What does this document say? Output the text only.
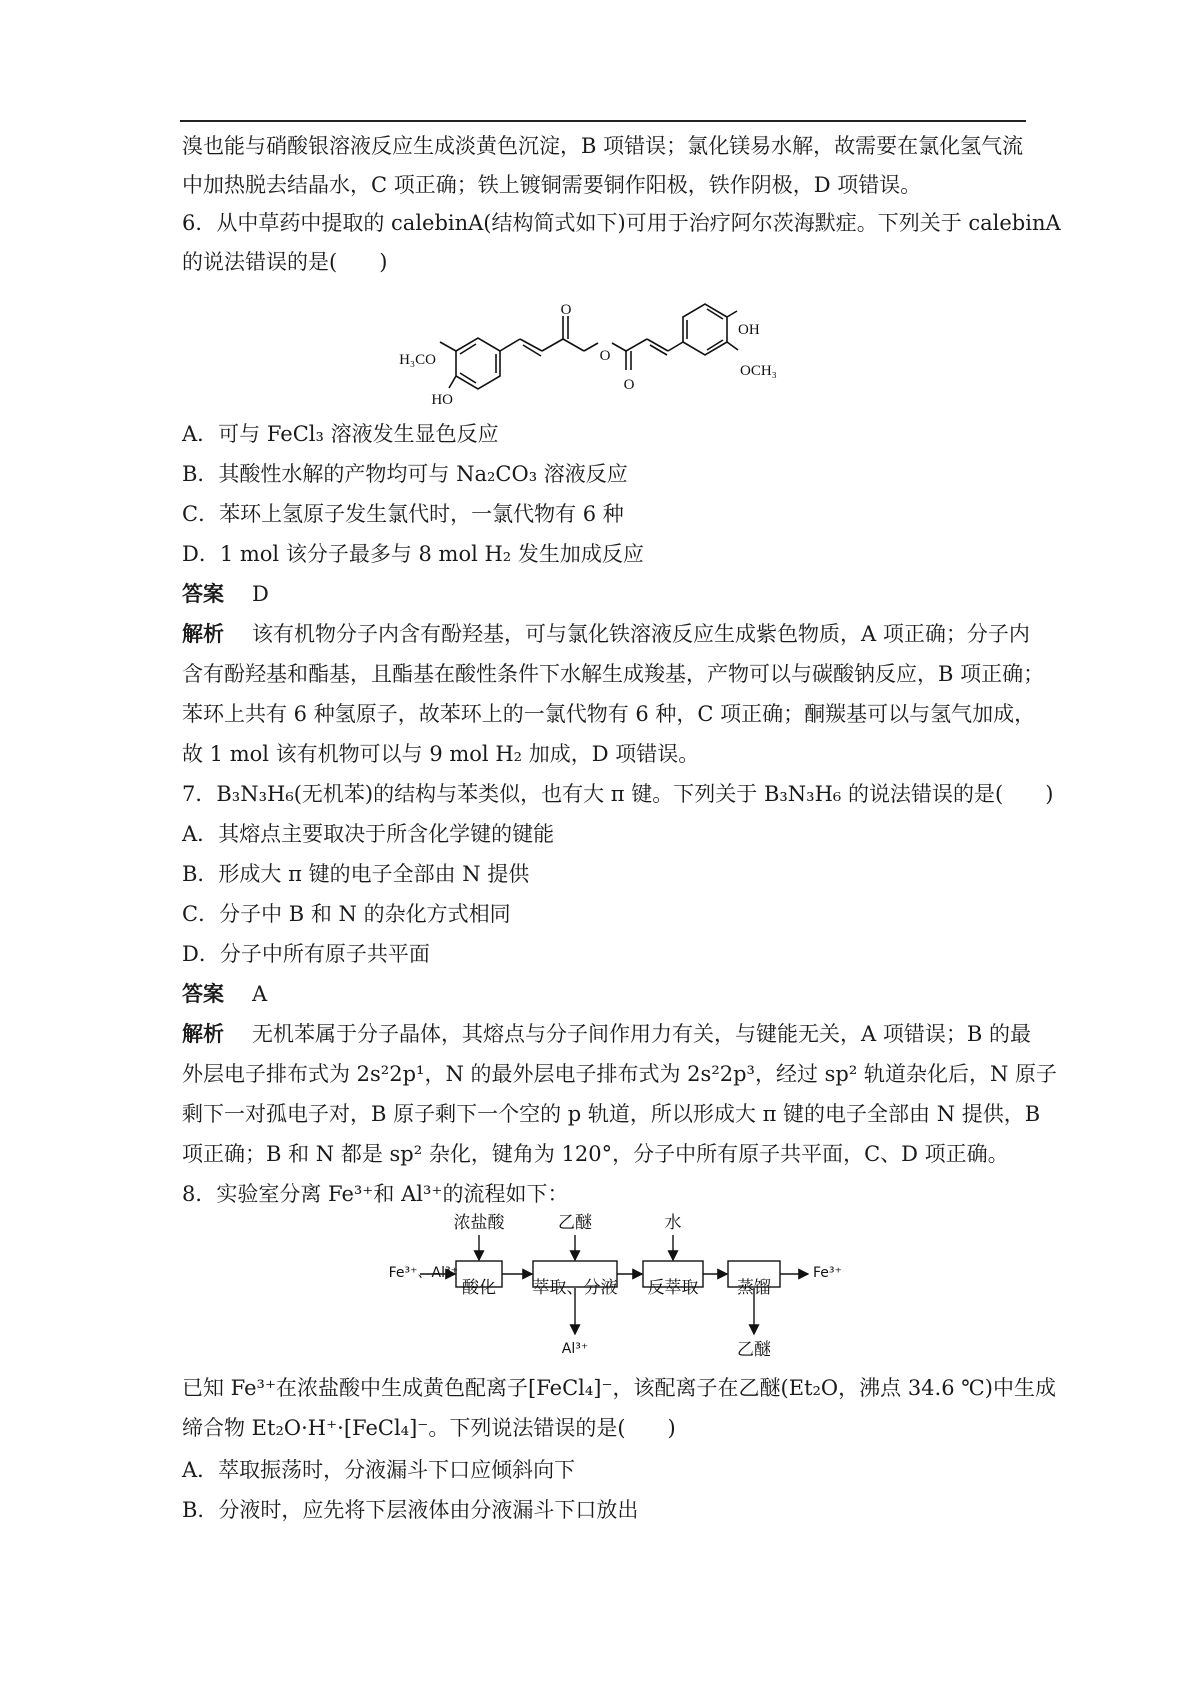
溴也能与硝酸银溶液反应生成淡黄色沉淀，B 项错误；氯化镁易水解，故需要在氯化氢气流
中加热脱去结晶水，C 项正确；铁上镀铜需要铜作阳极，铁作阴极，D 项错误。
6．从中草药中提取的 calebinA(结构简式如下)可用于治疗阿尔茨海默症。下列关于 calebinA
的说法错误的是(　　)
H₃CO
HO
O
O
O
OH
OCH₃
A．可与 FeCl₃ 溶液发生显色反应
B．其酸性水解的产物均可与 Na₂CO₃ 溶液反应
C．苯环上氢原子发生氯代时，一氯代物有 6 种
D．1 mol 该分子最多与 8 mol H₂ 发生加成反应
答案 D
解析 该有机物分子内含有酚羟基，可与氯化铁溶液反应生成紫色物质，A 项正确；分子内
含有酚羟基和酯基，且酯基在酸性条件下水解生成羧基，产物可以与碳酸钠反应，B 项正确；
苯环上共有 6 种氢原子，故苯环上的一氯代物有 6 种，C 项正确；酮羰基可以与氢气加成，
故 1 mol 该有机物可以与 9 mol H₂ 加成，D 项错误。
7．B₃N₃H₆(无机苯)的结构与苯类似，也有大 π 键。下列关于 B₃N₃H₆ 的说法错误的是(　　)
A．其熔点主要取决于所含化学键的键能
B．形成大 π 键的电子全部由 N 提供
C．分子中 B 和 N 的杂化方式相同
D．分子中所有原子共平面
答案 A
解析 无机苯属于分子晶体，其熔点与分子间作用力有关，与键能无关，A 项错误；B 的最
外层电子排布式为 2s²2p¹，N 的最外层电子排布式为 2s²2p³，经过 sp² 轨道杂化后，N 原子
剩下一对孤电子对，B 原子剩下一个空的 p 轨道，所以形成大 π 键的电子全部由 N 提供，B
项正确；B 和 N 都是 sp² 杂化，键角为 120°，分子中所有原子共平面，C、D 项正确。
8．实验室分离 Fe³⁺和 Al³⁺的流程如下：
Fe³⁺、Al³⁺
酸化 萃取、分液 反萃取 蒸馏
浓盐酸	乙醚	水
Fe³⁺
Al³⁺	乙醚
已知 Fe³⁺在浓盐酸中生成黄色配离子[FeCl₄]⁻，该配离子在乙醚(Et₂O，沸点 34.6 ℃)中生成
缔合物 Et₂O·H⁺·[FeCl₄]⁻。下列说法错误的是(　　)
A．萃取振荡时，分液漏斗下口应倾斜向下
B．分液时，应先将下层液体由分液漏斗下口放出
